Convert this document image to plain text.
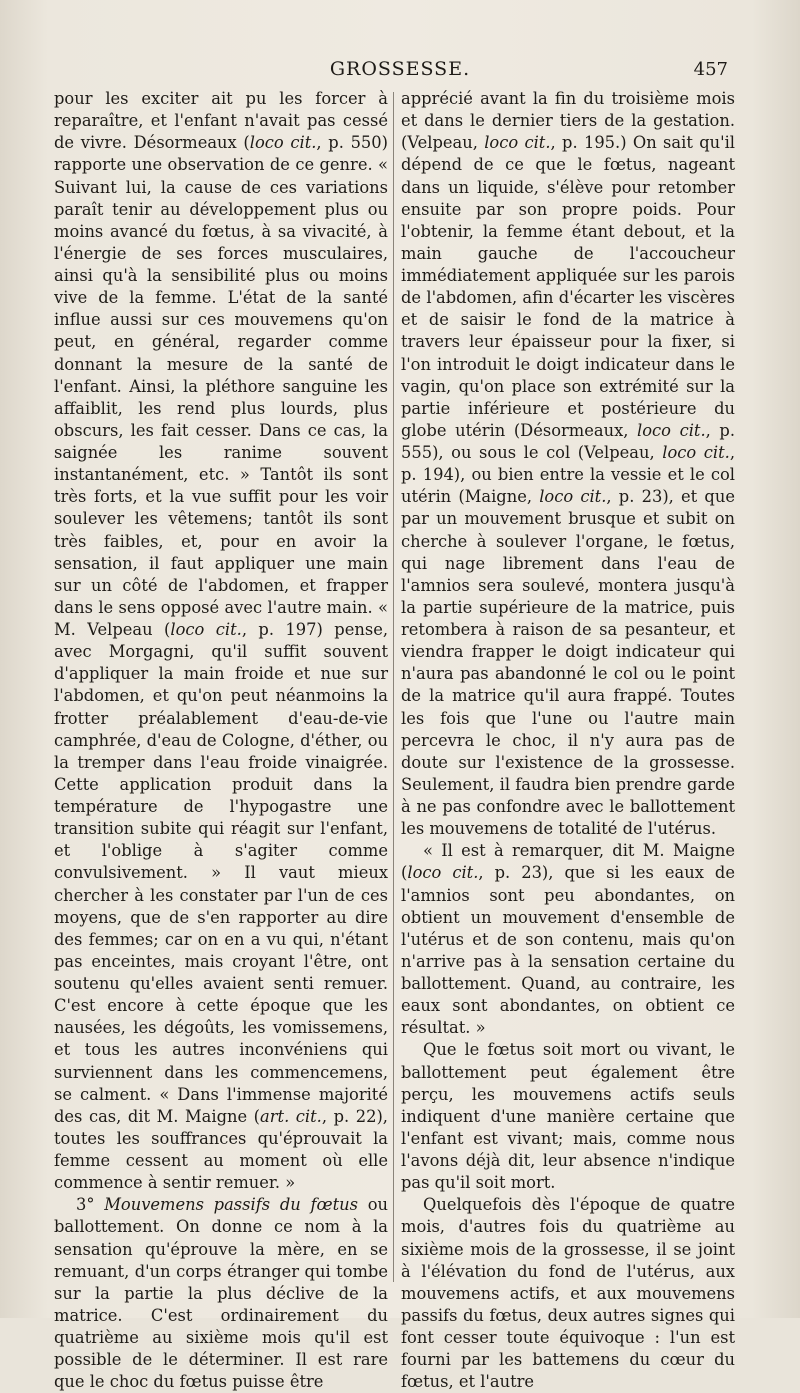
GROSSESSE.	457

pour les exciter ait pu les forcer à reparaître, et l'enfant n'avait pas cessé de vivre. Désormeaux (loco cit., p. 550) rapporte une observation de ce genre. « Suivant lui, la cause de ces variations paraît tenir au développement plus ou moins avancé du fœtus, à sa vivacité, à l'énergie de ses forces musculaires, ainsi qu'à la sensibilité plus ou moins vive de la femme. L'état de la santé influe aussi sur ces mouvemens qu'on peut, en général, regarder comme donnant la mesure de la santé de l'enfant. Ainsi, la pléthore sanguine les affaiblit, les rend plus lourds, plus obscurs, les fait cesser. Dans ce cas, la saignée les ranime souvent instantanément, etc. » Tantôt ils sont très forts, et la vue suffit pour les voir soulever les vêtemens; tantôt ils sont très faibles, et, pour en avoir la sensation, il faut appliquer une main sur un côté de l'abdomen, et frapper dans le sens opposé avec l'autre main. « M. Velpeau (loco cit., p. 197) pense, avec Morgagni, qu'il suffit souvent d'appliquer la main froide et nue sur l'abdomen, et qu'on peut néanmoins la frotter préalablement d'eau-de-vie camphrée, d'eau de Cologne, d'éther, ou la tremper dans l'eau froide vinaigrée. Cette application produit dans la température de l'hypogastre une transition subite qui réagit sur l'enfant, et l'oblige à s'agiter comme convulsivement. » Il vaut mieux chercher à les constater par l'un de ces moyens, que de s'en rapporter au dire des femmes; car on en a vu qui, n'étant pas enceintes, mais croyant l'être, ont soutenu qu'elles avaient senti remuer. C'est encore à cette époque que les nausées, les dégoûts, les vomissemens, et tous les autres inconvéniens qui surviennent dans les commencemens, se calment. « Dans l'immense majorité des cas, dit M. Maigne (art. cit., p. 22), toutes les souffrances qu'éprouvait la femme cessent au moment où elle commence à sentir remuer. »

3° Mouvemens passifs du fœtus ou ballottement. On donne ce nom à la sensation qu'éprouve la mère, en se remuant, d'un corps étranger qui tombe sur la partie la plus déclive de la matrice. C'est ordinairement du quatrième au sixième mois qu'il est possible de le déterminer. Il est rare que le choc du fœtus puisse être

apprécié avant la fin du troisième mois et dans le dernier tiers de la gestation. (Velpeau, loco cit., p. 195.) On sait qu'il dépend de ce que le fœtus, nageant dans un liquide, s'élève pour retomber ensuite par son propre poids. Pour l'obtenir, la femme étant debout, et la main gauche de l'accoucheur immédiatement appliquée sur les parois de l'abdomen, afin d'écarter les viscères et de saisir le fond de la matrice à travers leur épaisseur pour la fixer, si l'on introduit le doigt indicateur dans le vagin, qu'on place son extrémité sur la partie inférieure et postérieure du globe utérin (Désormeaux, loco cit., p. 555), ou sous le col (Velpeau, loco cit., p. 194), ou bien entre la vessie et le col utérin (Maigne, loco cit., p. 23), et que par un mouvement brusque et subit on cherche à soulever l'organe, le fœtus, qui nage librement dans l'eau de l'amnios sera soulevé, montera jusqu'à la partie supérieure de la matrice, puis retombera à raison de sa pesanteur, et viendra frapper le doigt indicateur qui n'aura pas abandonné le col ou le point de la matrice qu'il aura frappé. Toutes les fois que l'une ou l'autre main percevra le choc, il n'y aura pas de doute sur l'existence de la grossesse. Seulement, il faudra bien prendre garde à ne pas confondre avec le ballottement les mouvemens de totalité de l'utérus.

« Il est à remarquer, dit M. Maigne (loco cit., p. 23), que si les eaux de l'amnios sont peu abondantes, on obtient un mouvement d'ensemble de l'utérus et de son contenu, mais qu'on n'arrive pas à la sensation certaine du ballottement. Quand, au contraire, les eaux sont abondantes, on obtient ce résultat. »

Que le fœtus soit mort ou vivant, le ballottement peut également être perçu, les mouvemens actifs seuls indiquent d'une manière certaine que l'enfant est vivant; mais, comme nous l'avons déjà dit, leur absence n'indique pas qu'il soit mort.

Quelquefois dès l'époque de quatre mois, d'autres fois du quatrième au sixième mois de la grossesse, il se joint à l'élévation du fond de l'utérus, aux mouvemens actifs, et aux mouvemens passifs du fœtus, deux autres signes qui font cesser toute équivoque : l'un est fourni par les battemens du cœur du fœtus, et l'autre
